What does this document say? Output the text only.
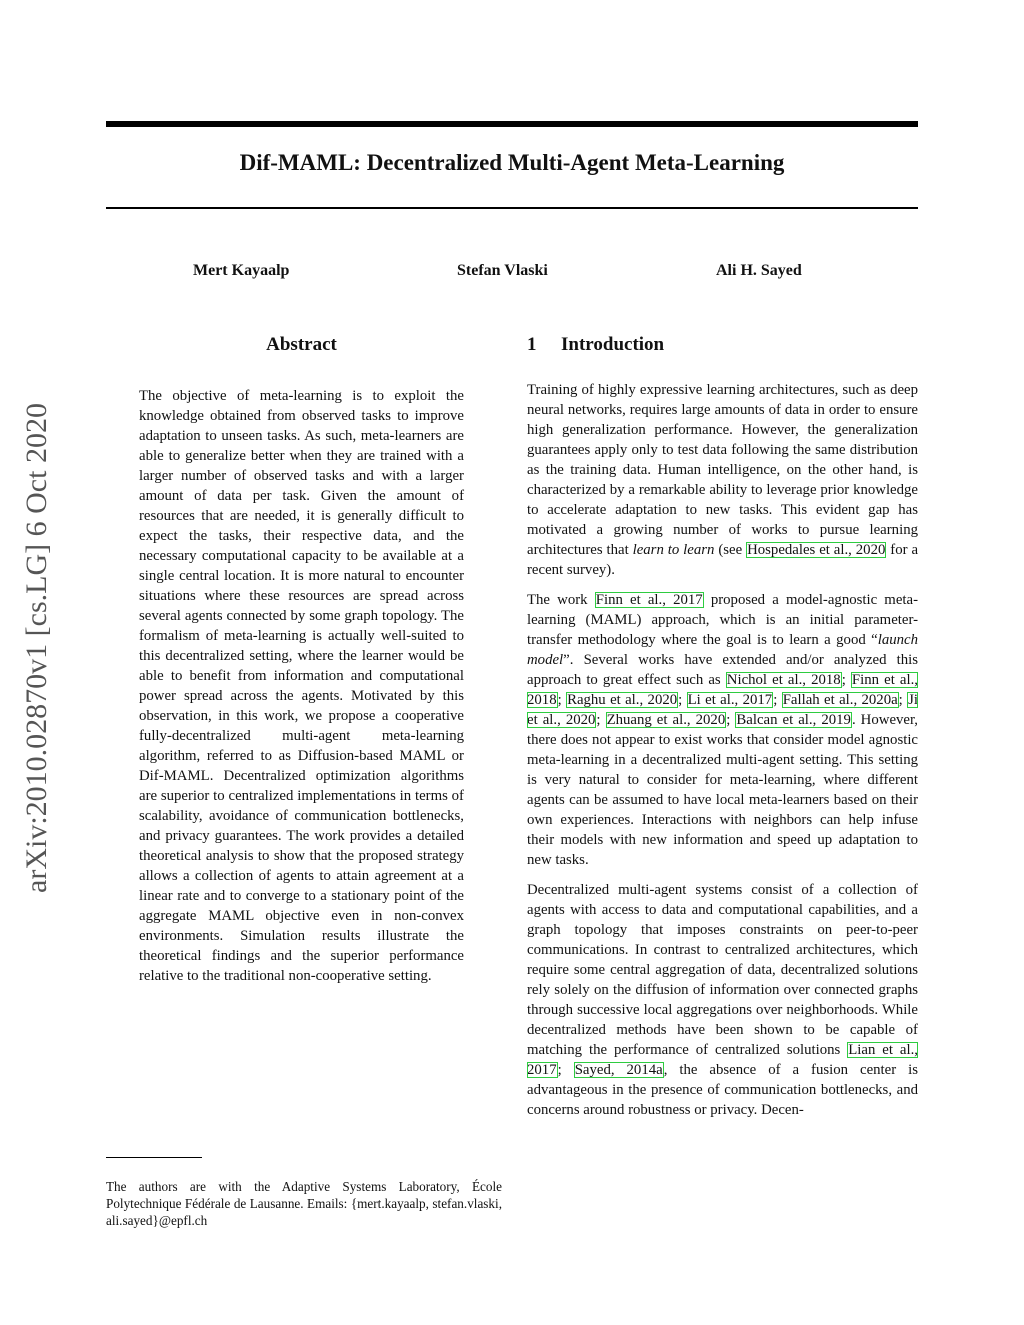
Dif-MAML: Decentralized Multi-Agent Meta-Learning
Mert Kayaalp	Stefan Vlaski	Ali H. Sayed
arXiv:2010.02870v1 [cs.LG] 6 Oct 2020
Abstract
The objective of meta-learning is to exploit the knowledge obtained from observed tasks to improve adaptation to unseen tasks. As such, meta-learners are able to generalize better when they are trained with a larger number of observed tasks and with a larger amount of data per task. Given the amount of resources that are needed, it is generally difficult to expect the tasks, their respective data, and the necessary computational capacity to be available at a single central location. It is more natural to encounter situations where these resources are spread across several agents connected by some graph topology. The formalism of meta-learning is actually well-suited to this decentralized setting, where the learner would be able to benefit from information and computational power spread across the agents. Motivated by this observation, in this work, we propose a cooperative fully-decentralized multi-agent meta-learning algorithm, referred to as Diffusion-based MAML or Dif-MAML. Decentralized optimization algorithms are superior to centralized implementations in terms of scalability, avoidance of communication bottlenecks, and privacy guarantees. The work provides a detailed theoretical analysis to show that the proposed strategy allows a collection of agents to attain agreement at a linear rate and to converge to a stationary point of the aggregate MAML objective even in non-convex environments. Simulation results illustrate the theoretical findings and the superior performance relative to the traditional non-cooperative setting.
The authors are with the Adaptive Systems Laboratory, École Polytechnique Fédérale de Lausanne. Emails: {mert.kayaalp, stefan.vlaski, ali.sayed}@epfl.ch
1 Introduction

Training of highly expressive learning architectures, such as deep neural networks, requires large amounts of data in order to ensure high generalization performance. However, the generalization guarantees apply only to test data following the same distribution as the training data. Human intelligence, on the other hand, is characterized by a remarkable ability to leverage prior knowledge to accelerate adaptation to new tasks. This evident gap has motivated a growing number of works to pursue learning architectures that learn to learn (see Hospedales et al., 2020 for a recent survey).

The work Finn et al., 2017 proposed a model-agnostic meta-learning (MAML) approach, which is an initial parameter-transfer methodology where the goal is to learn a good “launch model”. Several works have extended and/or analyzed this approach to great effect such as Nichol et al., 2018; Finn et al., 2018; Raghu et al., 2020; Li et al., 2017; Fallah et al., 2020a; Ji et al., 2020; Zhuang et al., 2020; Balcan et al., 2019. However, there does not appear to exist works that consider model agnostic meta-learning in a decentralized multi-agent setting. This setting is very natural to consider for meta-learning, where different agents can be assumed to have local meta-learners based on their own experiences. Interactions with neighbors can help infuse their models with new information and speed up adaptation to new tasks.

Decentralized multi-agent systems consist of a collection of agents with access to data and computational capabilities, and a graph topology that imposes constraints on peer-to-peer communications. In contrast to centralized architectures, which require some central aggregation of data, decentralized solutions rely solely on the diffusion of information over connected graphs through successive local aggregations over neighborhoods. While decentralized methods have been shown to be capable of matching the performance of centralized solutions Lian et al., 2017; Sayed, 2014a, the absence of a fusion center is advantageous in the presence of communication bottlenecks, and concerns around robustness or privacy. Decen-
